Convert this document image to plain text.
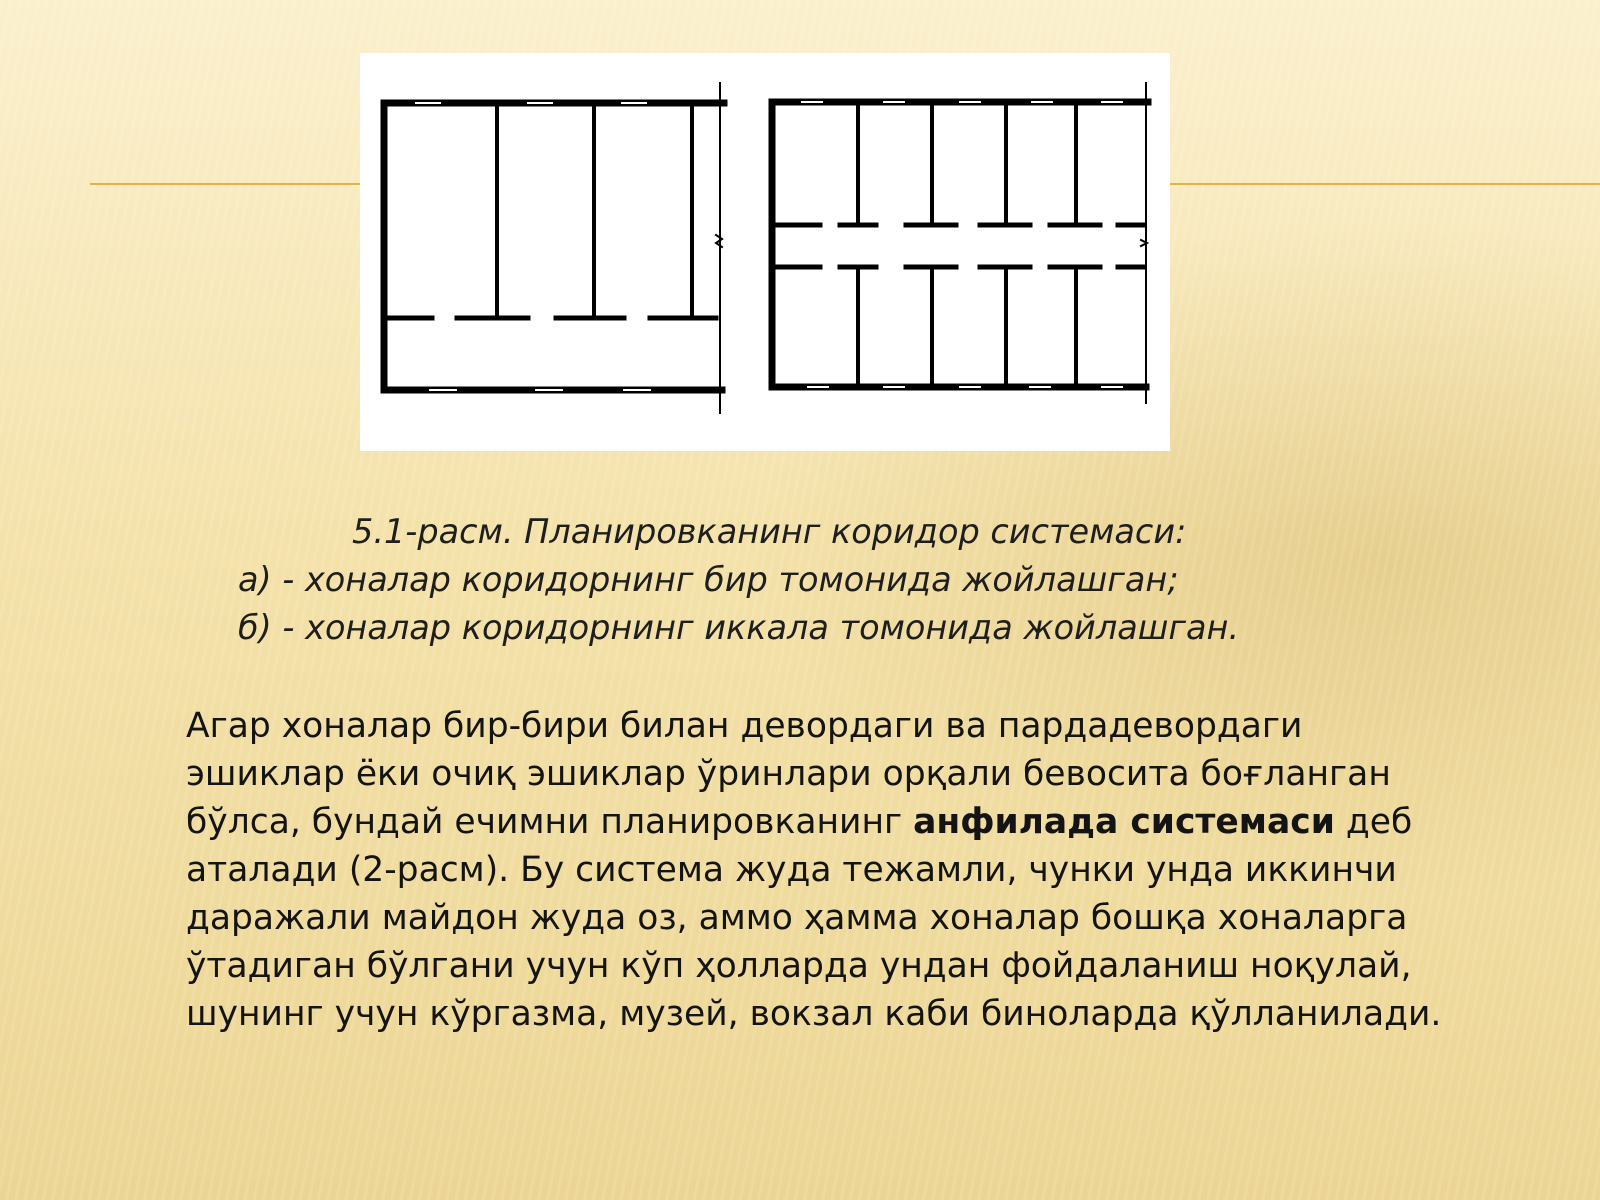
5.1-расм. Планировканинг коридор системаси:
а) - хоналар коридорнинг бир томонида жойлашган;
б) - хоналар коридорнинг иккала томонида жойлашган.
Агар хоналар бир-бири билан девордаги ва пардадевордаги эшиклар ёки очиқ эшиклар ўринлари орқали бевосита боғланган бўлса, бундай ечимни планировканинг анфилада системаси деб аталади (2-расм). Бу система жуда тежамли, чунки унда иккинчи даражали майдон жуда оз, аммо ҳамма хоналар бошқа хоналарга ўтадиган бўлгани учун кўп ҳолларда ундан фойдаланиш ноқулай, шунинг учун кўргазма, музей, вокзал каби биноларда қўлланилади.
